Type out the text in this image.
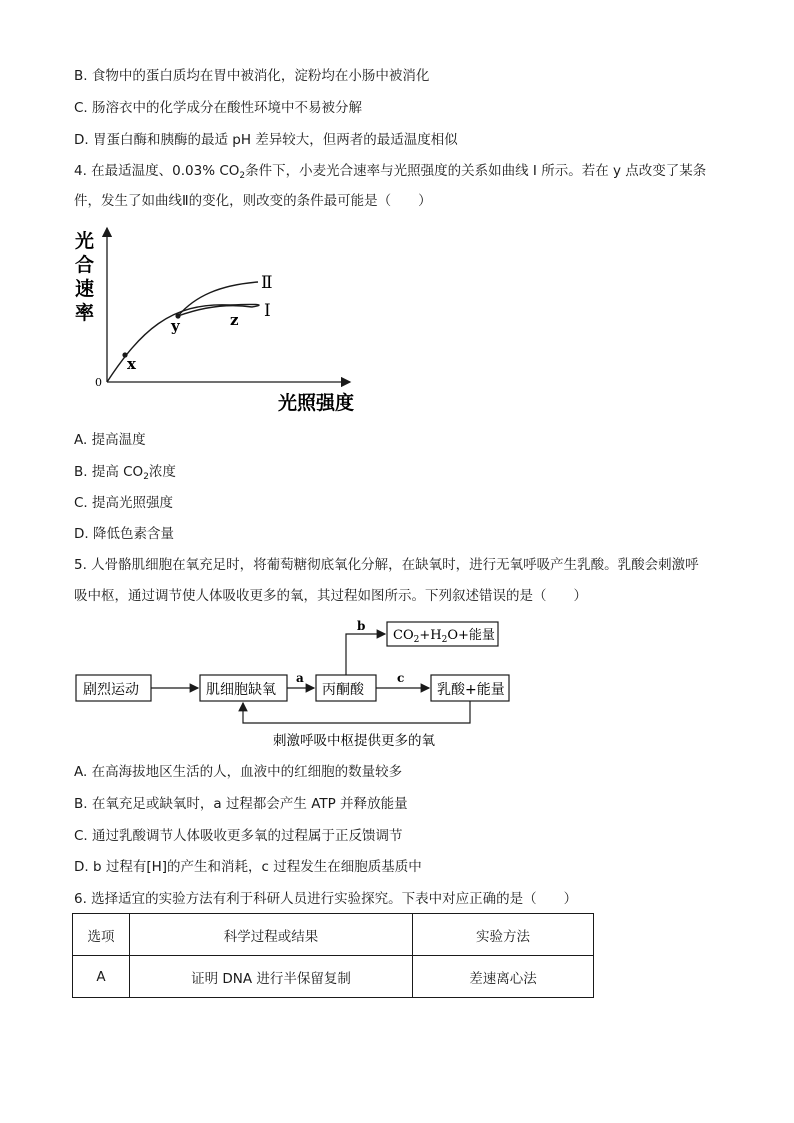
B. 食物中的蛋白质均在胃中被消化，淀粉均在小肠中被消化
C. 肠溶衣中的化学成分在酸性环境中不易被分解
D. 胃蛋白酶和胰酶的最适 pH 差异较大，但两者的最适温度相似
4. 在最适温度、0.03% $CO_2$条件下，小麦光合速率与光照强度的关系如曲线 I 所示。若在 y 点改变了某条
件，发生了如曲线Ⅱ的变化，则改变的条件最可能是（　　）
光
合
速
率
0
光照强度
x
y	z
Ⅱ
I
A. 提高温度
B. 提高 $CO_2$浓度
C. 提高光照强度
D. 降低色素含量
5. 人骨骼肌细胞在氧充足时，将葡萄糖彻底氧化分解，在缺氧时，进行无氧呼吸产生乳酸。乳酸会刺激呼
吸中枢，通过调节使人体吸收更多的氧，其过程如图所示。下列叙述错误的是（　　）
剧烈运动	肌细胞缺氧	丙酮酸	乳酸+能量
$CO_2+H_2O+$能量
a
b
c
刺激呼吸中枢提供更多的氧
A. 在高海拔地区生活的人，血液中的红细胞的数量较多
B. 在氧充足或缺氧时，a 过程都会产生 ATP 并释放能量
C. 通过乳酸调节人体吸收更多氧的过程属于正反馈调节
D. b 过程有[H]的产生和消耗，c 过程发生在细胞质基质中
6. 选择适宜的实验方法有利于科研人员进行实验探究。下表中对应正确的是（　　）
选项	科学过程或结果	实验方法
A	证明 DNA 进行半保留复制	差速离心法
